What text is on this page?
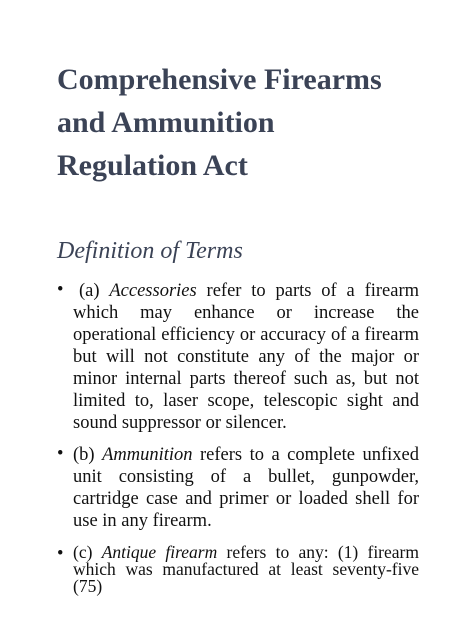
Comprehensive Firearms
and Ammunition
Regulation Act
Definition of Terms
• (a) Accessories refer to parts of a firearm which may enhance or increase the operational efficiency or accuracy of a firearm but will not constitute any of the major or minor internal parts thereof such as, but not limited to, laser scope, telescopic sight and sound suppressor or silencer.
• (b) Ammunition refers to a complete unfixed unit consisting of a bullet, gunpowder, cartridge case and primer or loaded shell for use in any firearm.
• (c) Antique firearm refers to any: (1) firearm which was manufactured at least seventy-five (75)
